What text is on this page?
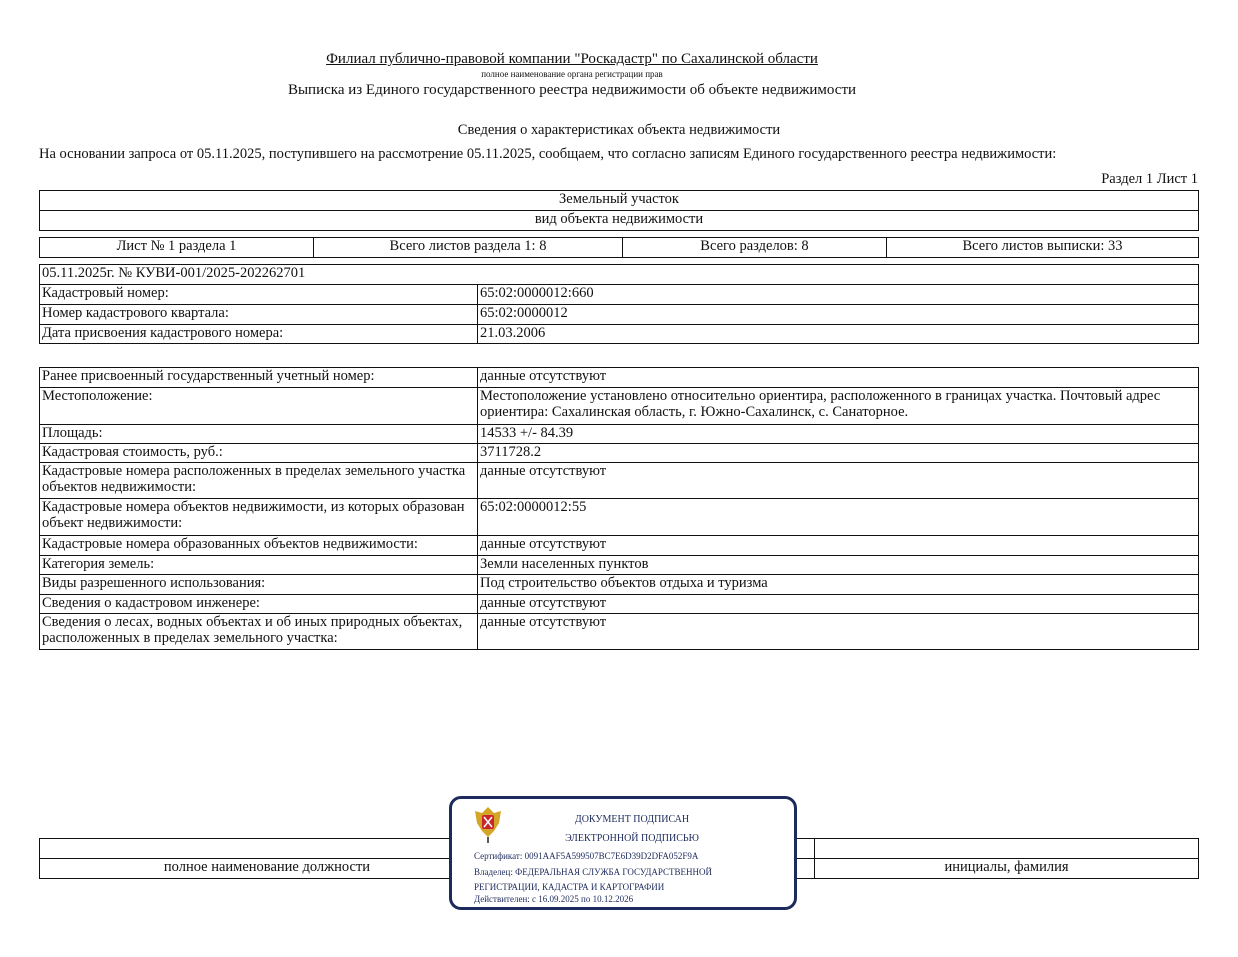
Филиал публично-правовой компании "Роскадастр" по Сахалинской области
полное наименование органа регистрации прав
Выписка из Единого государственного реестра недвижимости об объекте недвижимости
Сведения о характеристиках объекта недвижимости
На основании запроса от 05.11.2025, поступившего на рассмотрение 05.11.2025, сообщаем, что согласно записям Единого государственного реестра недвижимости:
Раздел 1 Лист 1
Земельный участок
вид объекта недвижимости
Лист № 1 раздела 1	Всего листов раздела 1: 8	Всего разделов: 8	Всего листов выписки: 33
05.11.2025г. № КУВИ-001/2025-202262701	
Кадастровый номер:	65:02:0000012:660
Номер кадастрового квартала:	65:02:0000012
Дата присвоения кадастрового номера:	21.03.2006
Ранее присвоенный государственный учетный номер:	данные отсутствуют
Местоположение:	Местоположение установлено относительно ориентира, расположенного в границах участка. Почтовый адрес ориентира: Сахалинская область, г. Южно-Сахалинск, с. Санаторное.
Площадь:	14533 +/- 84.39
Кадастровая стоимость, руб.:	3711728.2
Кадастровые номера расположенных в пределах земельного участка объектов недвижимости:	данные отсутствуют
Кадастровые номера объектов недвижимости, из которых образован объект недвижимости:	65:02:0000012:55
Кадастровые номера образованных объектов недвижимости:	данные отсутствуют
Категория земель:	Земли населенных пунктов
Виды разрешенного использования:	Под строительство объектов отдыха и туризма
Сведения о кадастровом инженере:	данные отсутствуют
Сведения о лесах, водных объектах и об иных природных объектах, расположенных в пределах земельного участка:	данные отсутствуют

полное наименование должности		инициалы, фамилия
ДОКУМЕНТ ПОДПИСАН
ЭЛЕКТРОННОЙ ПОДПИСЬЮ
Сертификат: 0091AAF5A599507BC7E6D39D2DFA052F9A
Владелец: ФЕДЕРАЛЬНАЯ СЛУЖБА ГОСУДАРСТВЕННОЙ
РЕГИСТРАЦИИ, КАДАСТРА И КАРТОГРАФИИ
Действителен: с 16.09.2025 по 10.12.2026
